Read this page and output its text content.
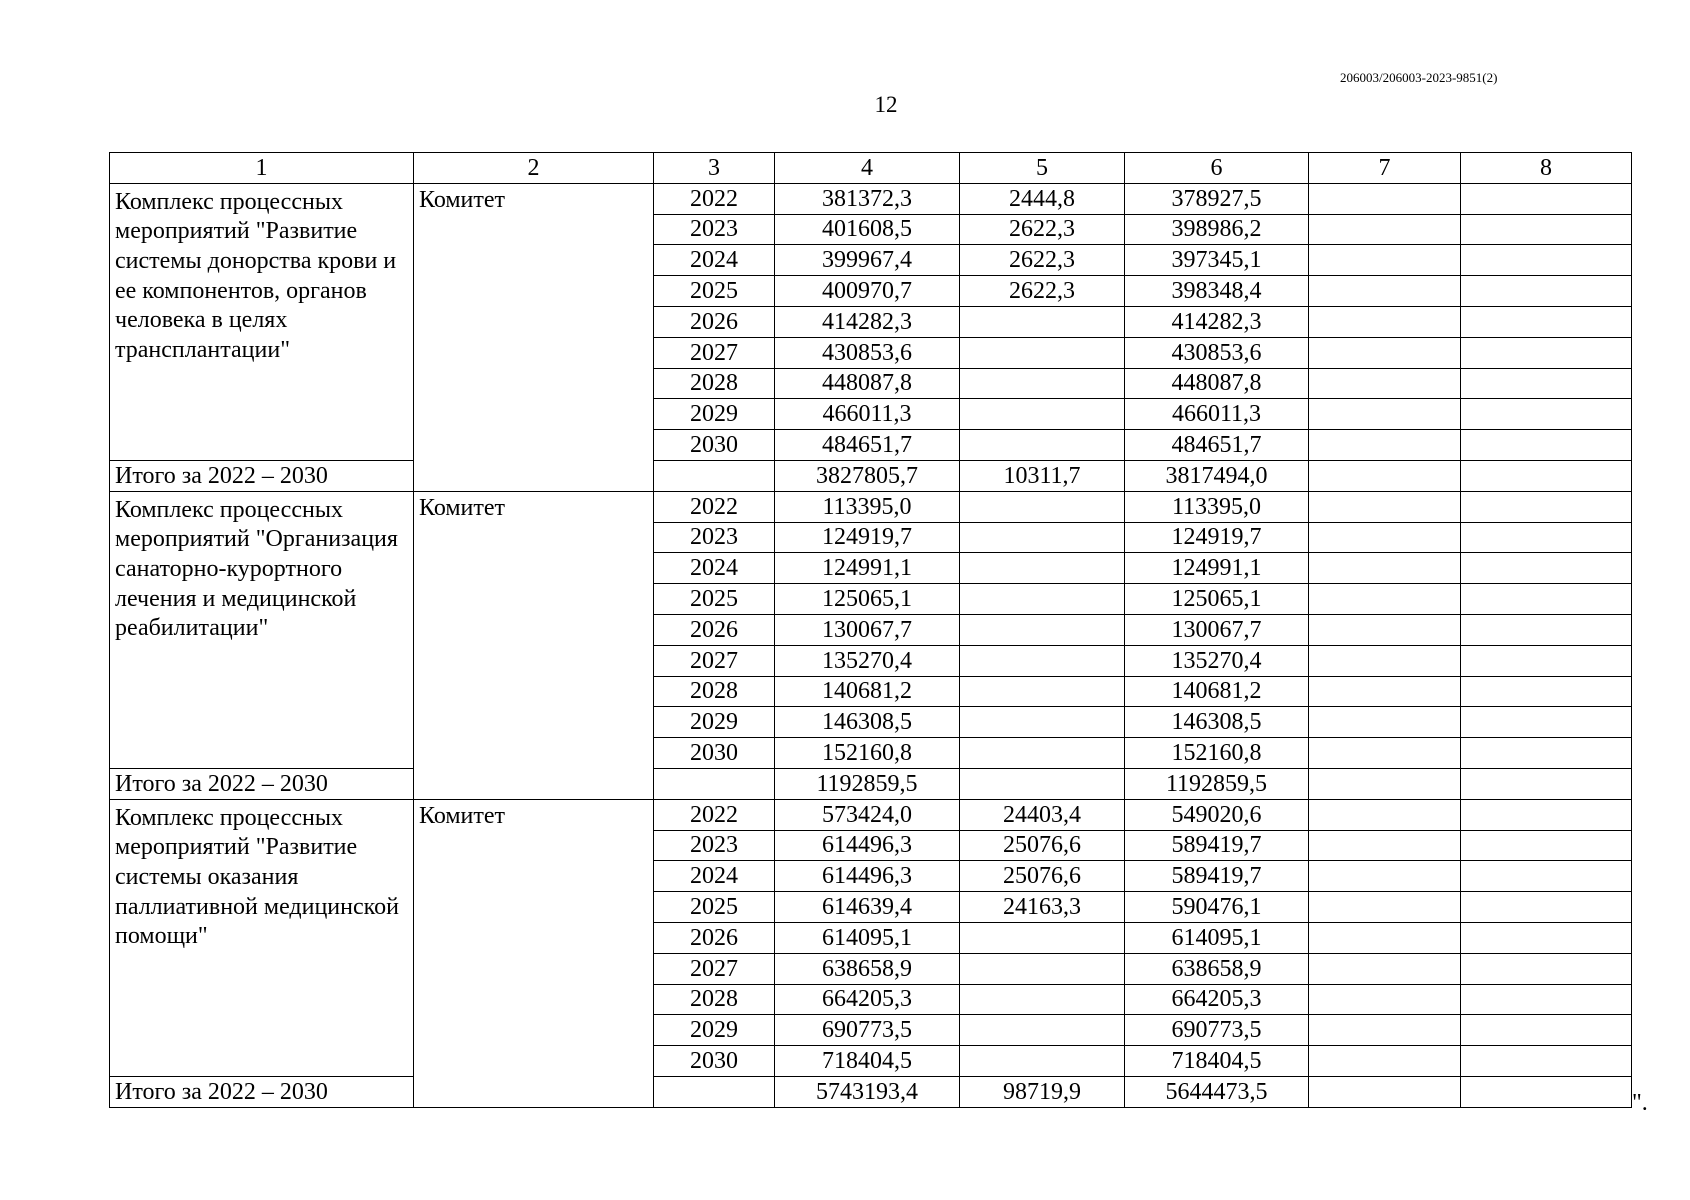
206003/206003-2023-9851(2)
12
1	2	3	4	5	6	7	8
Комплекс процессных мероприятий "Развитие системы донорства крови и ее компонентов, органов человека в целях трансплантации"	Комитет	2022	381372,3	2444,8	378927,5		
		2023	401608,5	2622,3	398986,2		
		2024	399967,4	2622,3	397345,1		
		2025	400970,7	2622,3	398348,4		
		2026	414282,3		414282,3		
		2027	430853,6		430853,6		
		2028	448087,8		448087,8		
		2029	466011,3		466011,3		
		2030	484651,7		484651,7		
Итого за 2022 – 2030			3827805,7	10311,7	3817494,0		
Комплекс процессных мероприятий "Организация санаторно-курортного лечения и медицинской реабилитации"	Комитет	2022	113395,0		113395,0		
		2023	124919,7		124919,7		
		2024	124991,1		124991,1		
		2025	125065,1		125065,1		
		2026	130067,7		130067,7		
		2027	135270,4		135270,4		
		2028	140681,2		140681,2		
		2029	146308,5		146308,5		
		2030	152160,8		152160,8		
Итого за 2022 – 2030			1192859,5		1192859,5		
Комплекс процессных мероприятий "Развитие системы оказания паллиативной медицинской помощи"	Комитет	2022	573424,0	24403,4	549020,6		
		2023	614496,3	25076,6	589419,7		
		2024	614496,3	25076,6	589419,7		
		2025	614639,4	24163,3	590476,1		
		2026	614095,1		614095,1		
		2027	638658,9		638658,9		
		2028	664205,3		664205,3		
		2029	690773,5		690773,5		
		2030	718404,5		718404,5		
Итого за 2022 – 2030			5743193,4	98719,9	5644473,5			".
